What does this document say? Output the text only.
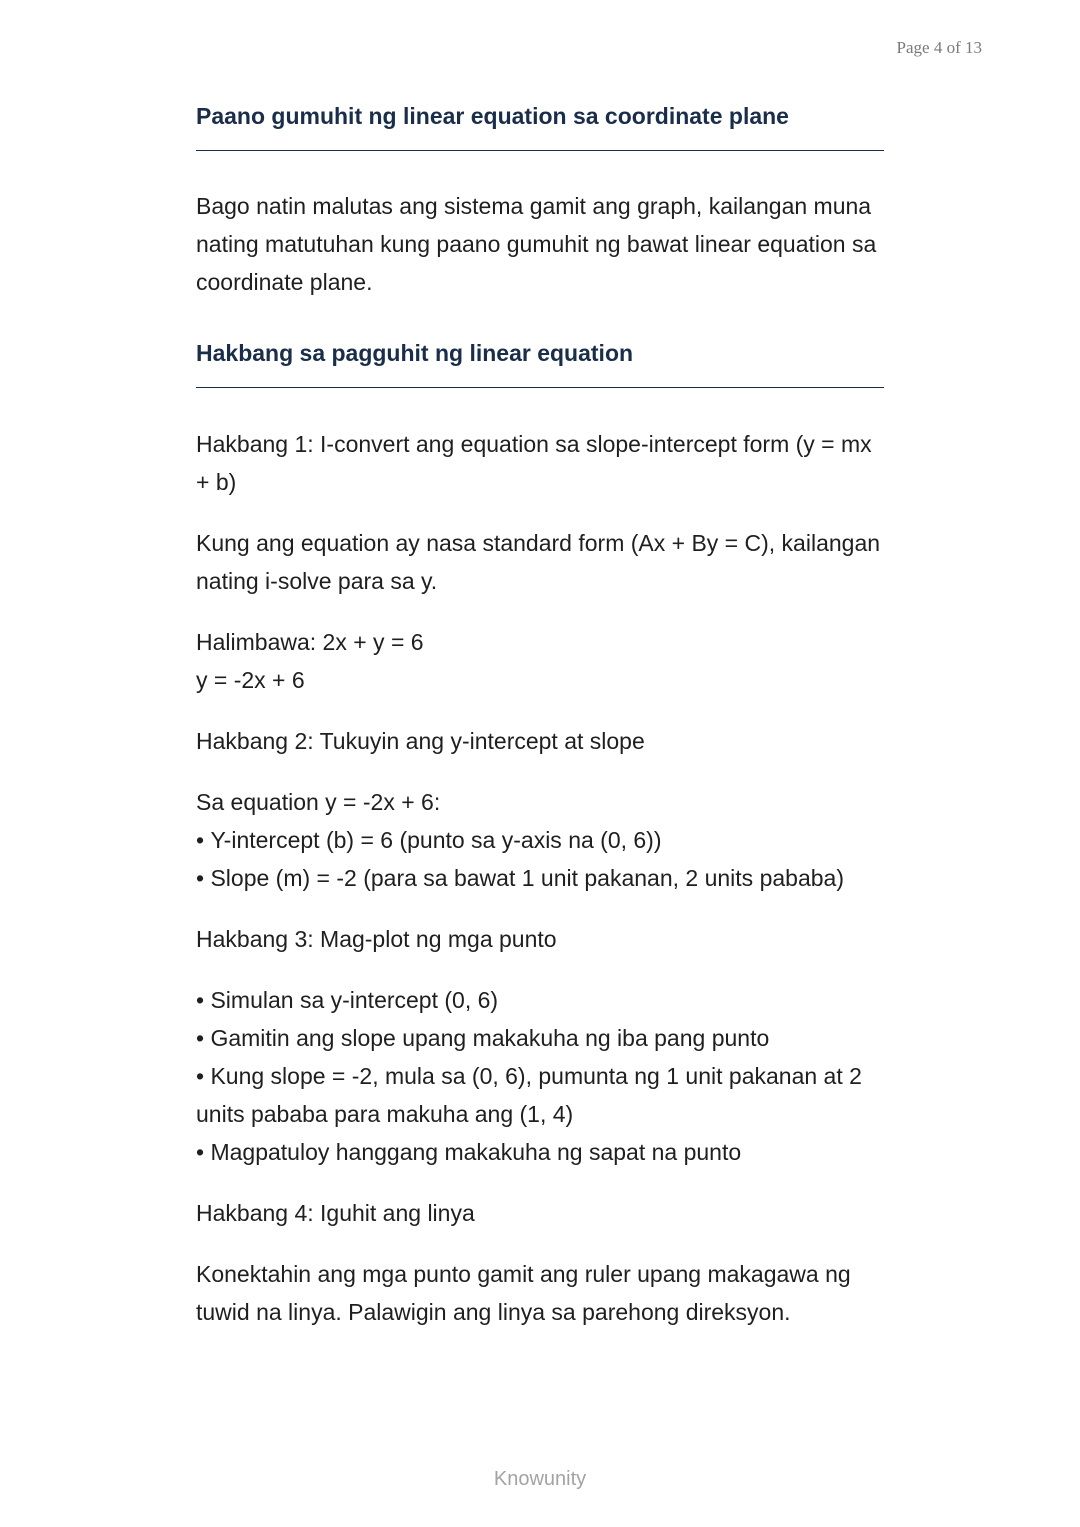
Page 4 of 13
Paano gumuhit ng linear equation sa coordinate plane

Bago natin malutas ang sistema gamit ang graph, kailangan muna nating matutuhan kung paano gumuhit ng bawat linear equation sa coordinate plane.

Hakbang sa pagguhit ng linear equation

Hakbang 1: I-convert ang equation sa slope-intercept form (y = mx + b)

Kung ang equation ay nasa standard form (Ax + By = C), kailangan nating i-solve para sa y.

Halimbawa: 2x + y = 6

y = -2x + 6

Hakbang 2: Tukuyin ang y-intercept at slope

Sa equation y = -2x + 6:

• Y-intercept (b) = 6 (punto sa y-axis na (0, 6))

• Slope (m) = -2 (para sa bawat 1 unit pakanan, 2 units pababa)

Hakbang 3: Mag-plot ng mga punto

• Simulan sa y-intercept (0, 6)

• Gamitin ang slope upang makakuha ng iba pang punto

• Kung slope = -2, mula sa (0, 6), pumunta ng 1 unit pakanan at 2 units pababa para makuha ang (1, 4)

• Magpatuloy hanggang makakuha ng sapat na punto

Hakbang 4: Iguhit ang linya

Konektahin ang mga punto gamit ang ruler upang makagawa ng tuwid na linya. Palawigin ang linya sa parehong direksyon.

Knowunity
